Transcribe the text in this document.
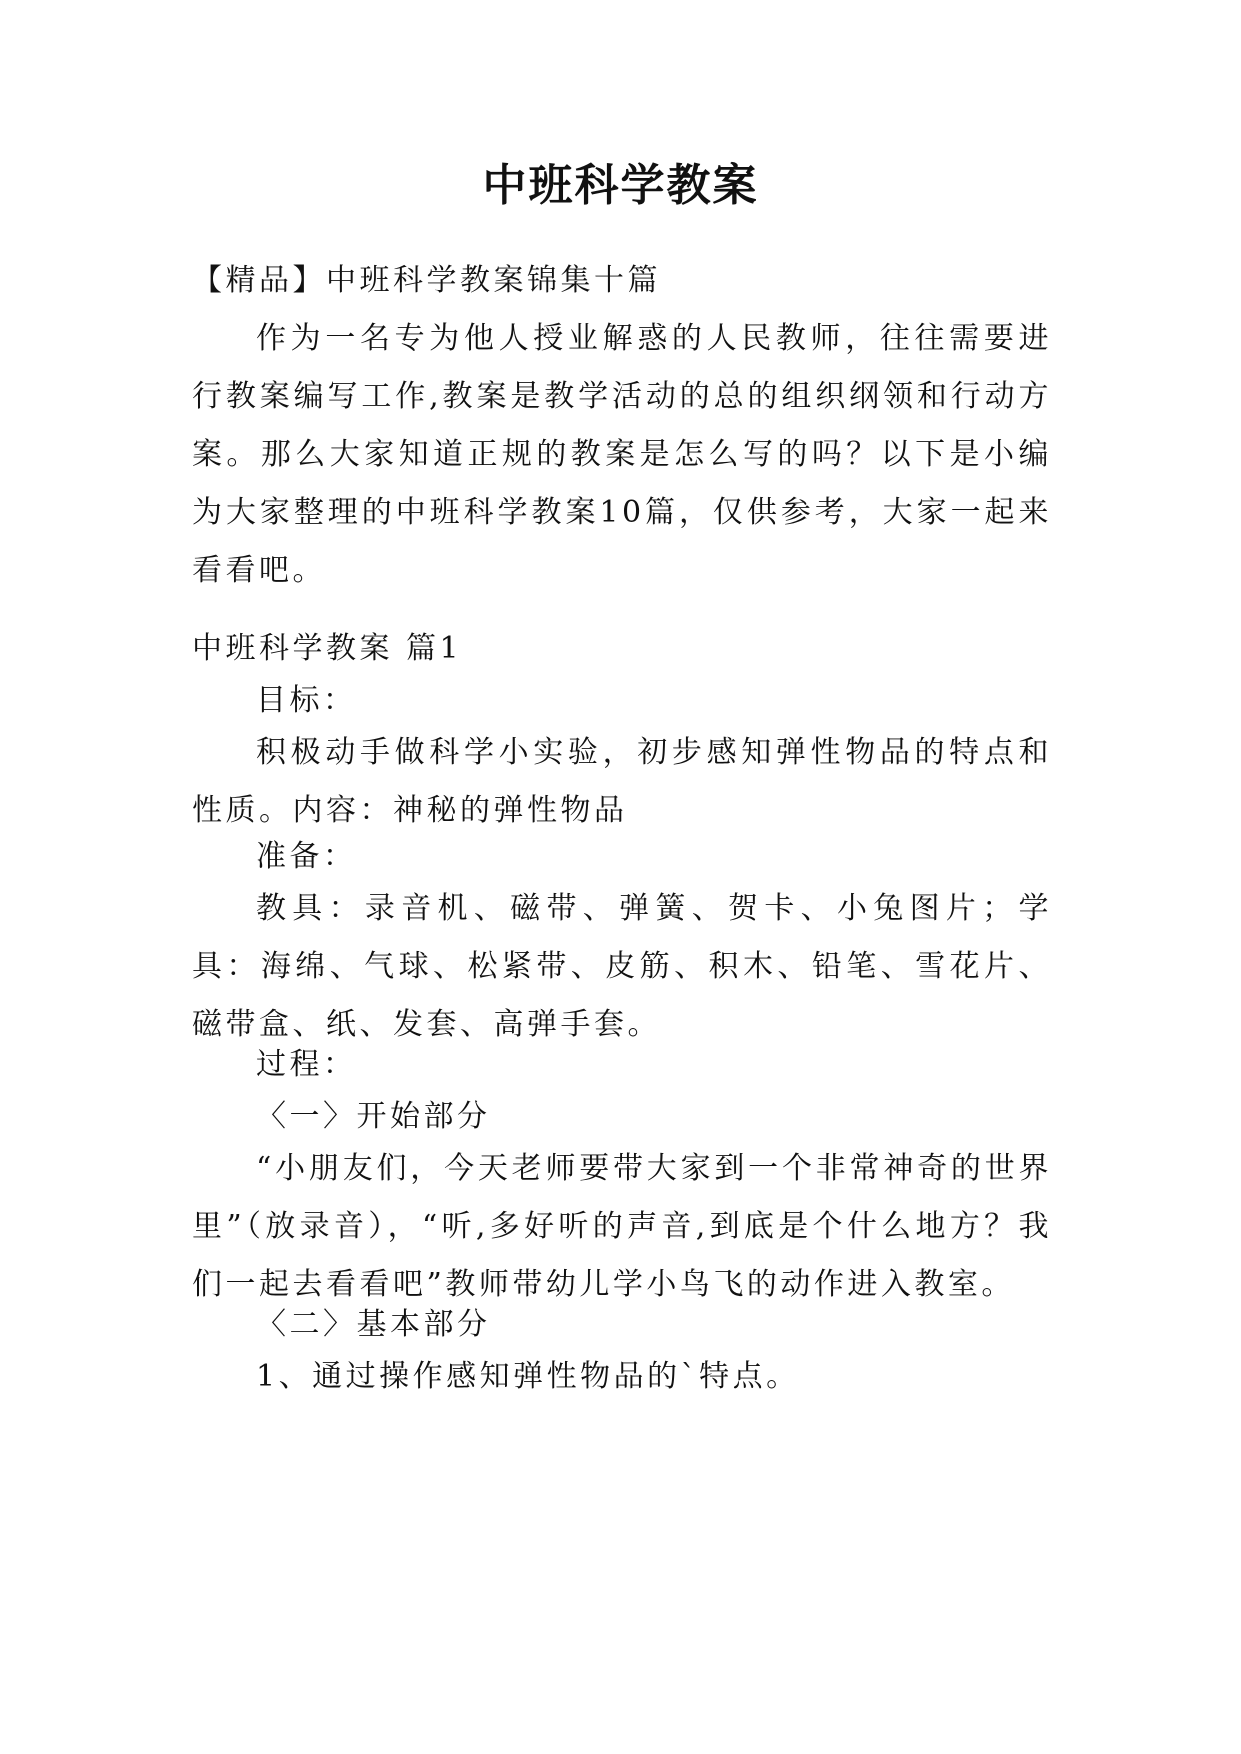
中班科学教案

【精品】中班科学教案锦集十篇

作为一名专为他人授业解惑的人民教师，往往需要进行教案编写工作,教案是教学活动的总的组织纲领和行动方案。那么大家知道正规的教案是怎么写的吗？以下是小编为大家整理的中班科学教案10篇，仅供参考，大家一起来看看吧。

中班科学教案 篇1

目标：

积极动手做科学小实验，初步感知弹性物品的特点和性质。内容：神秘的弹性物品

准备：

教具：录音机、磁带、弹簧、贺卡、小兔图片；学具：海绵、气球、松紧带、皮筋、积木、铅笔、雪花片、磁带盒、纸、发套、高弹手套。

过程：

〈一〉开始部分

“小朋友们，今天老师要带大家到一个非常神奇的世界里”（放录音），“听,多好听的声音,到底是个什么地方？我们一起去看看吧”教师带幼儿学小鸟飞的动作进入教室。

〈二〉基本部分

1、通过操作感知弹性物品的`特点。
